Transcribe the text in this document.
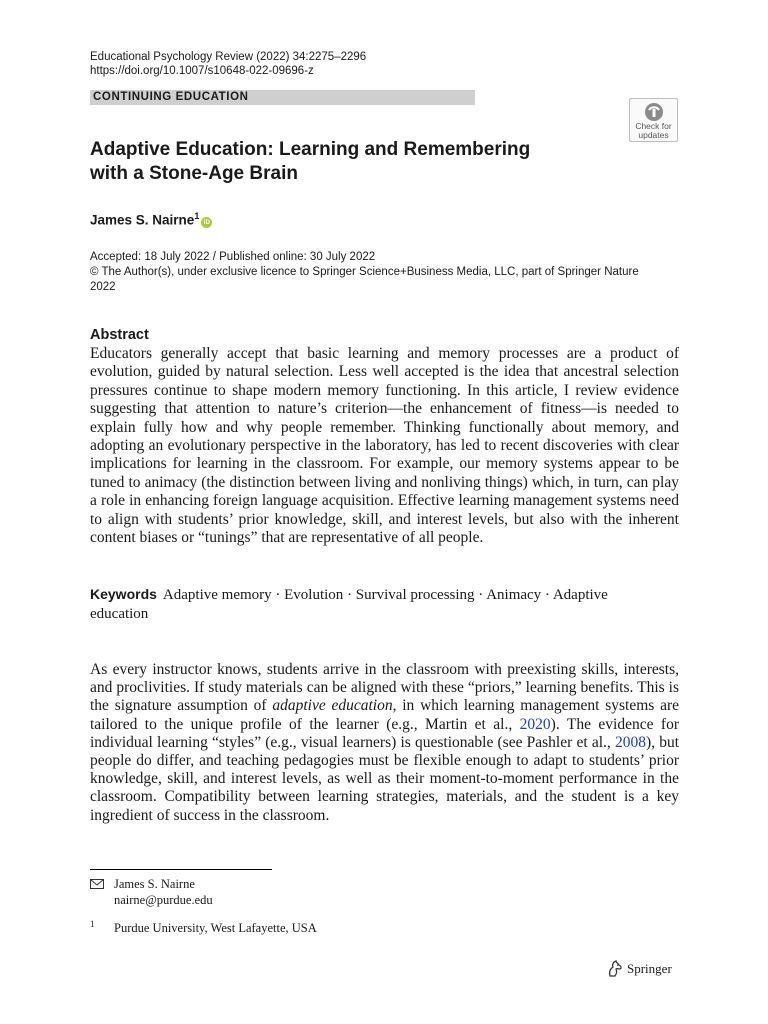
Educational Psychology Review (2022) 34:2275–2296
https://doi.org/10.1007/s10648-022-09696-z
CONTINUING EDUCATION
Check for
updates
Adaptive Education: Learning and Remembering with a Stone-Age Brain
James S. Nairne$^1$iD
Accepted: 18 July 2022 / Published online: 30 July 2022
© The Author(s), under exclusive licence to Springer Science+Business Media, LLC, part of Springer Nature 2022
Abstract

Educators generally accept that basic learning and memory processes are a product of evolution, guided by natural selection. Less well accepted is the idea that ancestral selection pressures continue to shape modern memory functioning. In this article, I review evidence suggesting that attention to nature’s criterion—the enhancement of fitness—is needed to explain fully how and why people remember. Thinking functionally about memory, and adopting an evolutionary perspective in the laboratory, has led to recent discoveries with clear implications for learning in the classroom. For example, our memory systems appear to be tuned to animacy (the distinction between living and nonliving things) which, in turn, can play a role in enhancing foreign language acquisition. Effective learning management systems need to align with students’ prior knowledge, skill, and interest levels, but also with the inherent content biases or “tunings” that are representative of all people.

Keywords Adaptive memory · Evolution · Survival processing · Animacy · Adaptive education

As every instructor knows, students arrive in the classroom with preexisting skills, interests, and proclivities. If study materials can be aligned with these “priors,” learning benefits. This is the signature assumption of adaptive education, in which learning management systems are tailored to the unique profile of the learner (e.g., Martin et al., 2020). The evidence for individual learning “styles” (e.g., visual learners) is questionable (see Pashler et al., 2008), but people do differ, and teaching pedagogies must be flexible enough to adapt to students’ prior knowledge, skill, and interest levels, as well as their moment-to-moment performance in the classroom. Compatibility between learning strategies, materials, and the student is a key ingredient of success in the classroom.

James S. Nairne
nairne@purdue.edu
1 Purdue University, West Lafayette, USA
Springer
